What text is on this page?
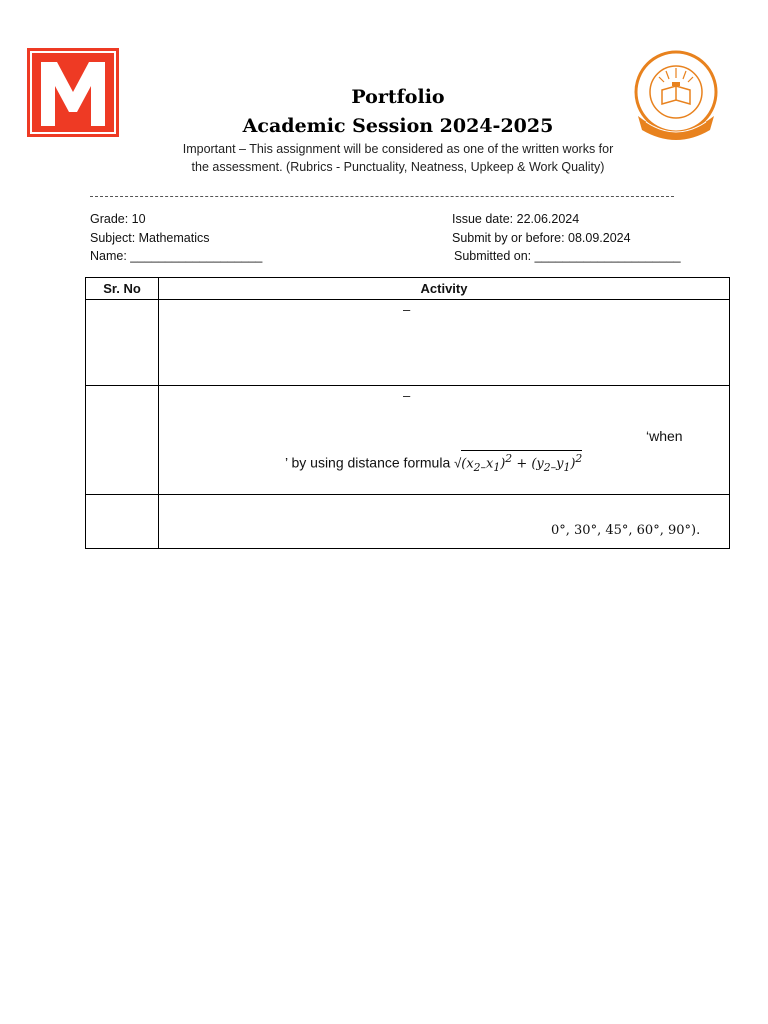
Portfolio
Academic Session 2024-2025
Important – This assignment will be considered as one of the written works for
the assessment. (Rubrics - Punctuality, Neatness, Upkeep & Work Quality)
Grade: 10
Subject: Mathematics
Name: ___________________
Issue date: 22.06.2024
Submit by or before: 08.09.2024
Submitted on: _____________________
Sr. No	Activity

	–

	–
‘when
’ by using distance formula $√(x_{2-}x_1)^2 + (y_{2-}y_1)^2$

	0°, 30°, 45°, 60°, 90°).
